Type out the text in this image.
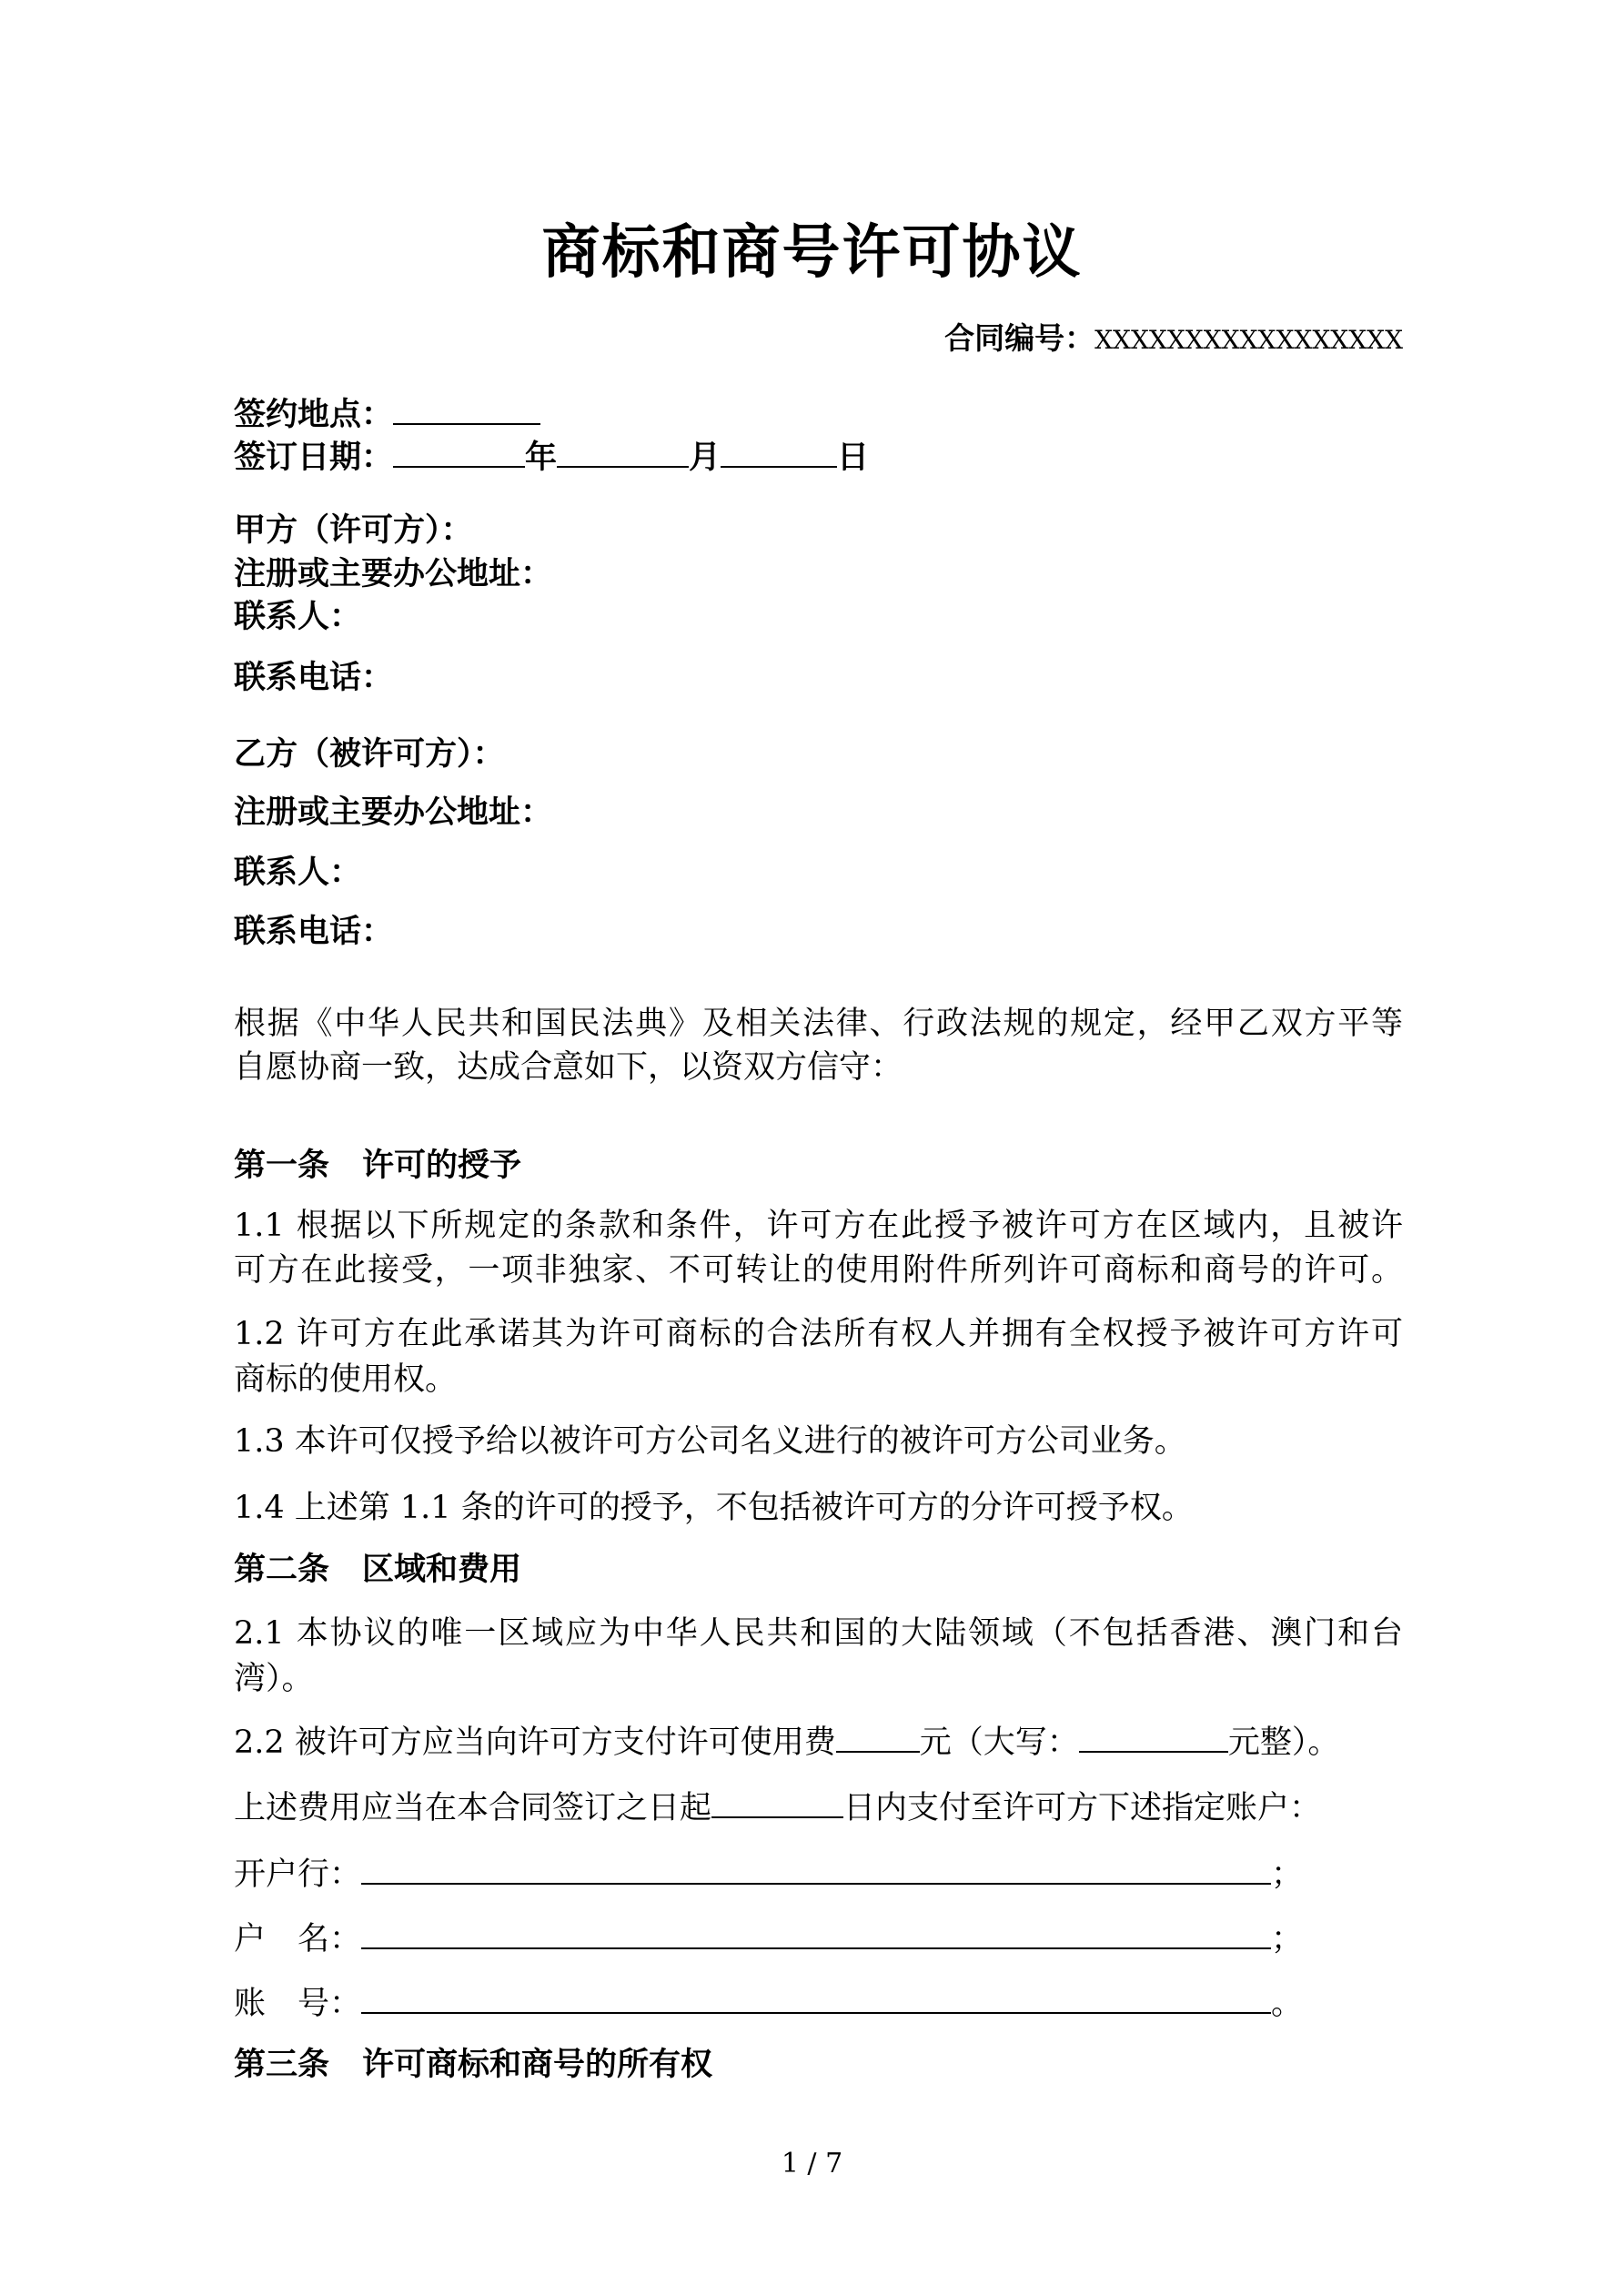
商标和商号许可协议
合同编号：XXXXXXXXXXXXXXXXX
签约地点：
签订日期：	年	月	日
甲方（许可方）：
注册或主要办公地址：
联系人：
联系电话：
乙方（被许可方）：
注册或主要办公地址：
联系人：
联系电话：
根据《中华人民共和国民法典》及相关法律、行政法规的规定，经甲乙双方平等
自愿协商一致，达成合意如下，以资双方信守：
第一条 许可的授予
1.1 根据以下所规定的条款和条件，许可方在此授予被许可方在区域内，且被许
可方在此接受，一项非独家、不可转让的使用附件所列许可商标和商号的许可。
1.2 许可方在此承诺其为许可商标的合法所有权人并拥有全权授予被许可方许可
商标的使用权。
1.3 本许可仅授予给以被许可方公司名义进行的被许可方公司业务。
1.4 上述第 1.1 条的许可的授予，不包括被许可方的分许可授予权。
第二条 区域和费用
2.1 本协议的唯一区域应为中华人民共和国的大陆领域（不包括香港、澳门和台
湾）。
2.2 被许可方应当向许可方支付许可使用费	元（大写：	元整）。
上述费用应当在本合同签订之日起	日内支付至许可方下述指定账户：
开户行：	；
户　名：	；
账　号：	。
第三条 许可商标和商号的所有权
1 / 7
